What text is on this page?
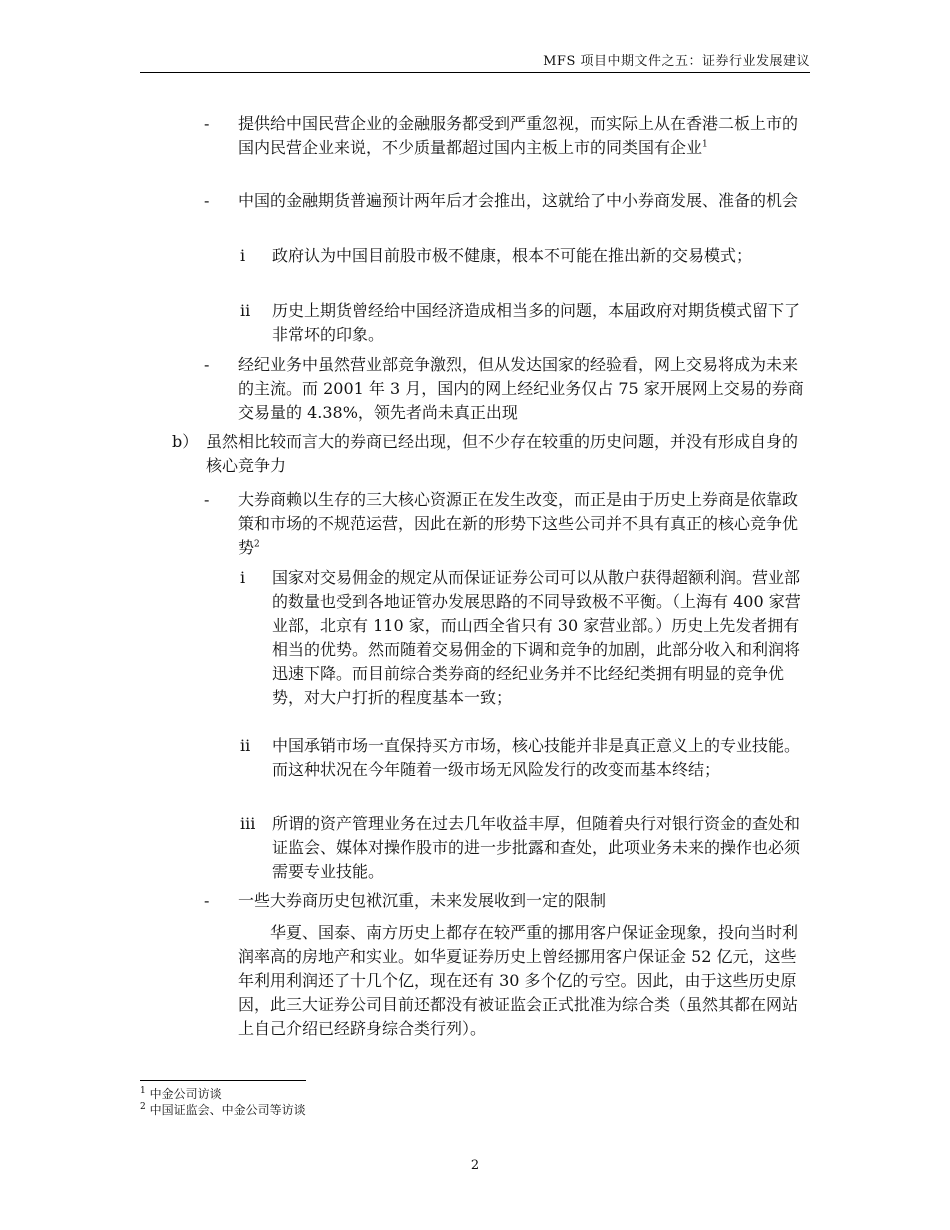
MFS 项目中期文件之五：证券行业发展建议
- 提供给中国民营企业的金融服务都受到严重忽视，而实际上从在香港二板上市的国内民营企业来说，不少质量都超过国内主板上市的同类国有企业$^1$

- 中国的金融期货普遍预计两年后才会推出，这就给了中小券商发展、准备的机会

i 政府认为中国目前股市极不健康，根本不可能在推出新的交易模式；

ii 历史上期货曾经给中国经济造成相当多的问题，本届政府对期货模式留下了非常坏的印象。

- 经纪业务中虽然营业部竞争激烈，但从发达国家的经验看，网上交易将成为未来的主流。而 2001 年 3 月，国内的网上经纪业务仅占 75 家开展网上交易的券商交易量的 4.38%，领先者尚未真正出现

b） 虽然相比较而言大的券商已经出现，但不少存在较重的历史问题，并没有形成自身的核心竞争力

- 大券商赖以生存的三大核心资源正在发生改变，而正是由于历史上券商是依靠政策和市场的不规范运营，因此在新的形势下这些公司并不具有真正的核心竞争优势$^2$

i 国家对交易佣金的规定从而保证证券公司可以从散户获得超额利润。营业部的数量也受到各地证管办发展思路的不同导致极不平衡。（上海有 400 家营业部，北京有 110 家，而山西全省只有 30 家营业部。）历史上先发者拥有相当的优势。然而随着交易佣金的下调和竞争的加剧，此部分收入和利润将迅速下降。而目前综合类券商的经纪业务并不比经纪类拥有明显的竞争优势，对大户打折的程度基本一致；

ii 中国承销市场一直保持买方市场，核心技能并非是真正意义上的专业技能。而这种状况在今年随着一级市场无风险发行的改变而基本终结；

iii 所谓的资产管理业务在过去几年收益丰厚，但随着央行对银行资金的查处和证监会、媒体对操作股市的进一步批露和查处，此项业务未来的操作也必须需要专业技能。

- 一些大券商历史包袱沉重，未来发展收到一定的限制

华夏、国泰、南方历史上都存在较严重的挪用客户保证金现象，投向当时利润率高的房地产和实业。如华夏证券历史上曾经挪用客户保证金 52 亿元，这些年利用利润还了十几个亿，现在还有 30 多个亿的亏空。因此，由于这些历史原因，此三大证券公司目前还都没有被证监会正式批准为综合类（虽然其都在网站上自己介绍已经跻身综合类行列）。

$^1$ 中金公司访谈
$^2$ 中国证监会、中金公司等访谈
2
